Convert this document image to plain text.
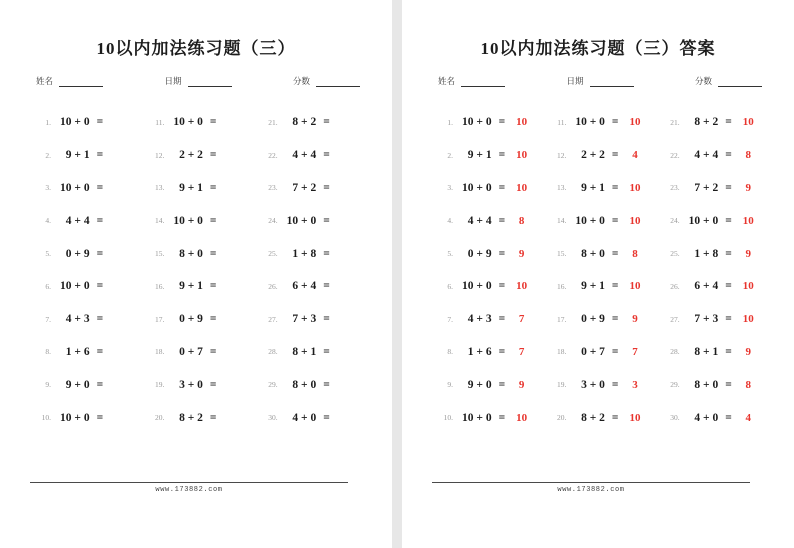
10以内加法练习题（三）
姓名	日期	分数
1. 10 + 0 =
2.	9 + 1 =
3. 10 + 0 =
4.	4 + 4 =
5.	0 + 9 =
6. 10 + 0 =
7.	4 + 3 =
8.	1 + 6 =
9.	9 + 0 =
10. 10 + 0 =
11. 10 + 0 =
12.	2 + 2 =
13.	9 + 1 =
14. 10 + 0 =
15.	8 + 0 =
16.	9 + 1 =
17.	0 + 9 =
18.	0 + 7 =
19.	3 + 0 =
20.	8 + 2 =
21.	8 + 2 =
22.	4 + 4 =
23.	7 + 2 =
24. 10 + 0 =
25.	1 + 8 =
26.	6 + 4 =
27.	7 + 3 =
28.	8 + 1 =
29.	8 + 0 =
30.	4 + 0 =
www.173882.com
10以内加法练习题（三）答案
姓名	日期	分数
1. 10 + 0 = 10
2.	9 + 1 = 10
3. 10 + 0 = 10
4.	4 + 4 = 8
5.	0 + 9 = 9
6. 10 + 0 = 10
7.	4 + 3 = 7
8.	1 + 6 = 7
9.	9 + 0 = 9
10. 10 + 0 = 10
11. 10 + 0 = 10
12.	2 + 2 = 4
13.	9 + 1 = 10
14. 10 + 0 = 10
15.	8 + 0 = 8
16.	9 + 1 = 10
17.	0 + 9 = 9
18.	0 + 7 = 7
19.	3 + 0 = 3
20.	8 + 2 = 10
21.	8 + 2 = 10
22.	4 + 4 = 8
23.	7 + 2 = 9
24. 10 + 0 = 10
25.	1 + 8 = 9
26.	6 + 4 = 10
27.	7 + 3 = 10
28.	8 + 1 = 9
29.	8 + 0 = 8
30.	4 + 0 = 4
www.173882.com
